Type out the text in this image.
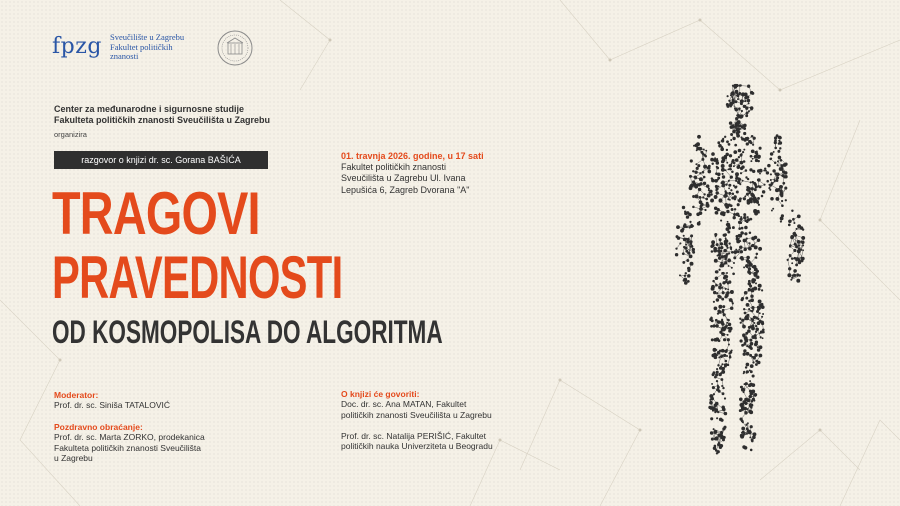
fpzg Sveučilište u Zagrebu
Fakultet političkih
znanosti
Center za međunarodne i sigurnosne studije
Fakulteta političkih znanosti Sveučilišta u Zagrebu
organizira
razgovor o knjizi dr. sc. Gorana BAŠIĆA
TRAGOVI
PRAVEDNOSTI
OD KOSMOPOLISA DO ALGORITMA
01. travnja 2026. godine, u 17 sati
Fakultet političkih znanosti
Sveučilišta u Zagrebu Ul. Ivana
Lepušića 6, Zagreb Dvorana "A"
Moderator:
Prof. dr. sc. Siniša TATALOVIĆ
Pozdravno obraćanje:
Prof. dr. sc. Marta ZORKO, prodekanica
Fakulteta političkih znanosti Sveučilišta
u Zagrebu
O knjizi će govoriti:
Doc. dr. sc. Ana MATAN, Fakultet
političkih znanosti Sveučilišta u Zagrebu
Prof. dr. sc. Natalija PERIŠIĆ, Fakultet
političkih nauka Univerziteta u Beogradu
